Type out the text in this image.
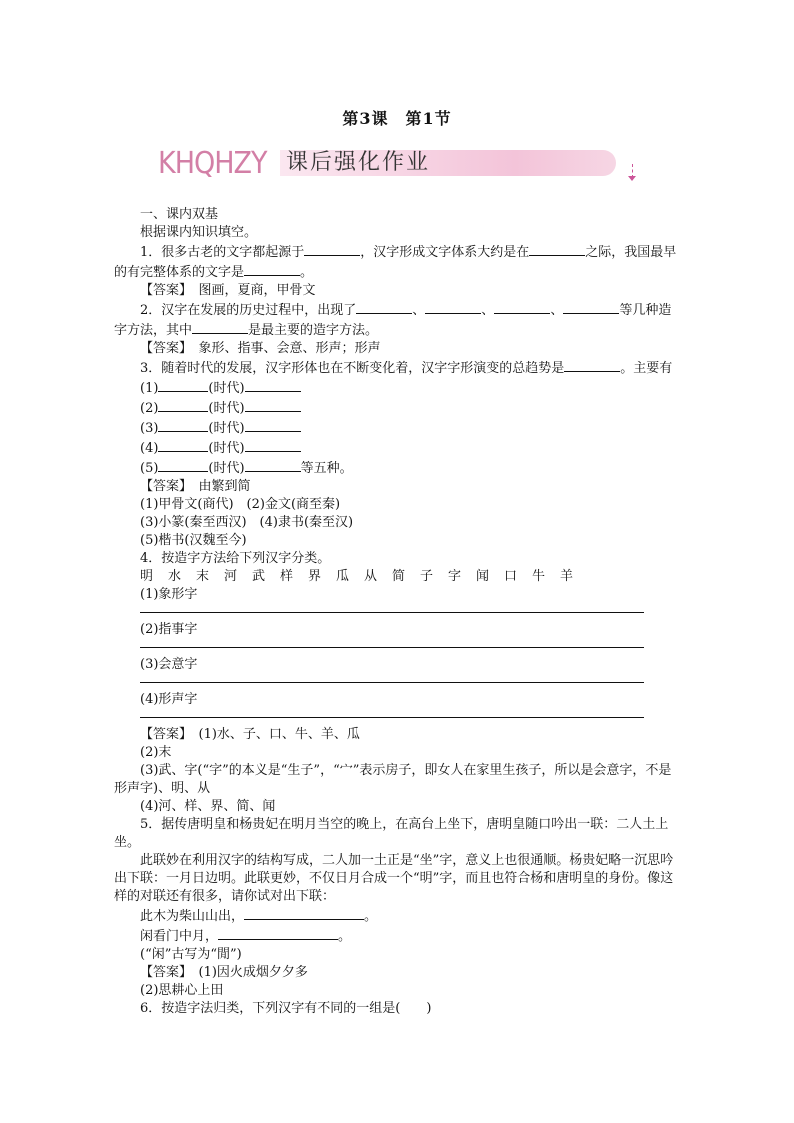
第3课　第1节
KHQHZY 课后强化作业

一、课内双基

根据课内知识填空。

1．很多古老的文字都起源于	，汉字形成文字体系大约是在	之际，我国最早的有完整体系的文字是	。

【答案】　图画，夏商，甲骨文

2．汉字在发展的历史过程中，出现了	、	、	、	等几种造字方法，其中	是最主要的造字方法。

【答案】　象形、指事、会意、形声；形声

3．随着时代的发展，汉字形体也在不断变化着，汉字字形演变的总趋势是	。主要有

(1)	(时代)

(2)	(时代)

(3)	(时代)

(4)	(时代)

(5)	(时代)	等五种。

【答案】　由繁到简

(1)甲骨文(商代)　(2)金文(商至秦)

(3)小篆(秦至西汉)　(4)隶书(秦至汉)

(5)楷书(汉魏至今)

4．按造字方法给下列汉字分类。

明 水 末 河 武 样 界 瓜 从 简 子 字 闻 口 牛 羊

(1)象形字

(2)指事字

(3)会意字

(4)形声字

【答案】　(1)水、子、口、牛、羊、瓜

(2)末

(3)武、字(“字”的本义是“生子”，“宀”表示房子，即女人在家里生孩子，所以是会意字，不是形声字)、明、从

(4)河、样、界、简、闻

5．据传唐明皇和杨贵妃在明月当空的晚上，在高台上坐下，唐明皇随口吟出一联：二人土上坐。

此联妙在利用汉字的结构写成，二人加一土正是“坐”字，意义上也很通顺。杨贵妃略一沉思吟出下联：一月日边明。此联更妙，不仅日月合成一个“明”字，而且也符合杨和唐明皇的身份。像这样的对联还有很多，请你试对出下联：

此木为柴山山出，	。

闲看门中月，	。

(“闲”古写为“閒”)

【答案】　(1)因火成烟夕夕多

(2)思耕心上田

6．按造字法归类，下列汉字有不同的一组是(　　)
